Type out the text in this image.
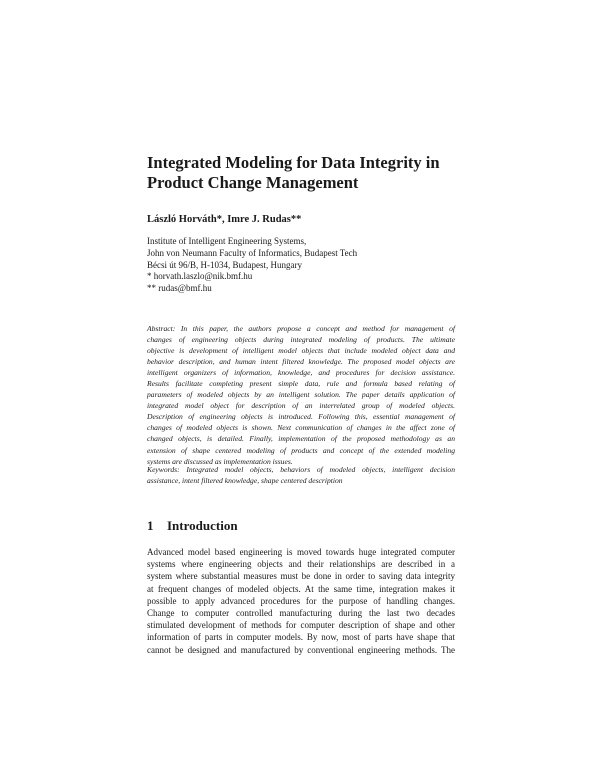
Integrated Modeling for Data Integrity in
Product Change Management

László Horváth*, Imre J. Rudas**

Institute of Intelligent Engineering Systems,
John von Neumann Faculty of Informatics, Budapest Tech
Bécsi út 96/B, H-1034, Budapest, Hungary
* horvath.laszlo@nik.bmf.hu
** rudas@bmf.hu
Abstract: In this paper, the authors propose a concept and method for management of
changes of engineering objects during integrated modeling of products. The ultimate
objective is development of intelligent model objects that include modeled object data and
behavior description, and human intent filtered knowledge. The proposed model objects are
intelligent organizers of information, knowledge, and procedures for decision assistance.
Results facilitate completing present simple data, rule and formula based relating of
parameters of modeled objects by an intelligent solution. The paper details application of
integrated model object for description of an interrelated group of modeled objects.
Description of engineering objects is introduced. Following this, essential management of
changes of modeled objects is shown. Next communication of changes in the affect zone of
changed objects, is detailed. Finally, implementation of the proposed methodology as an
extension of shape centered modeling of products and concept of the extended modeling
systems are discussed as implementation issues.
Keywords: Integrated model objects, behaviors of modeled objects, intelligent decision
assistance, intent filtered knowledge, shape centered description
1 Introduction
Advanced model based engineering is moved towards huge integrated computer
systems where engineering objects and their relationships are described in a
system where substantial measures must be done in order to saving data integrity
at frequent changes of modeled objects. At the same time, integration makes it
possible to apply advanced procedures for the purpose of handling changes.
Change to computer controlled manufacturing during the last two decades
stimulated development of methods for computer description of shape and other
information of parts in computer models. By now, most of parts have shape that
cannot be designed and manufactured by conventional engineering methods. The
